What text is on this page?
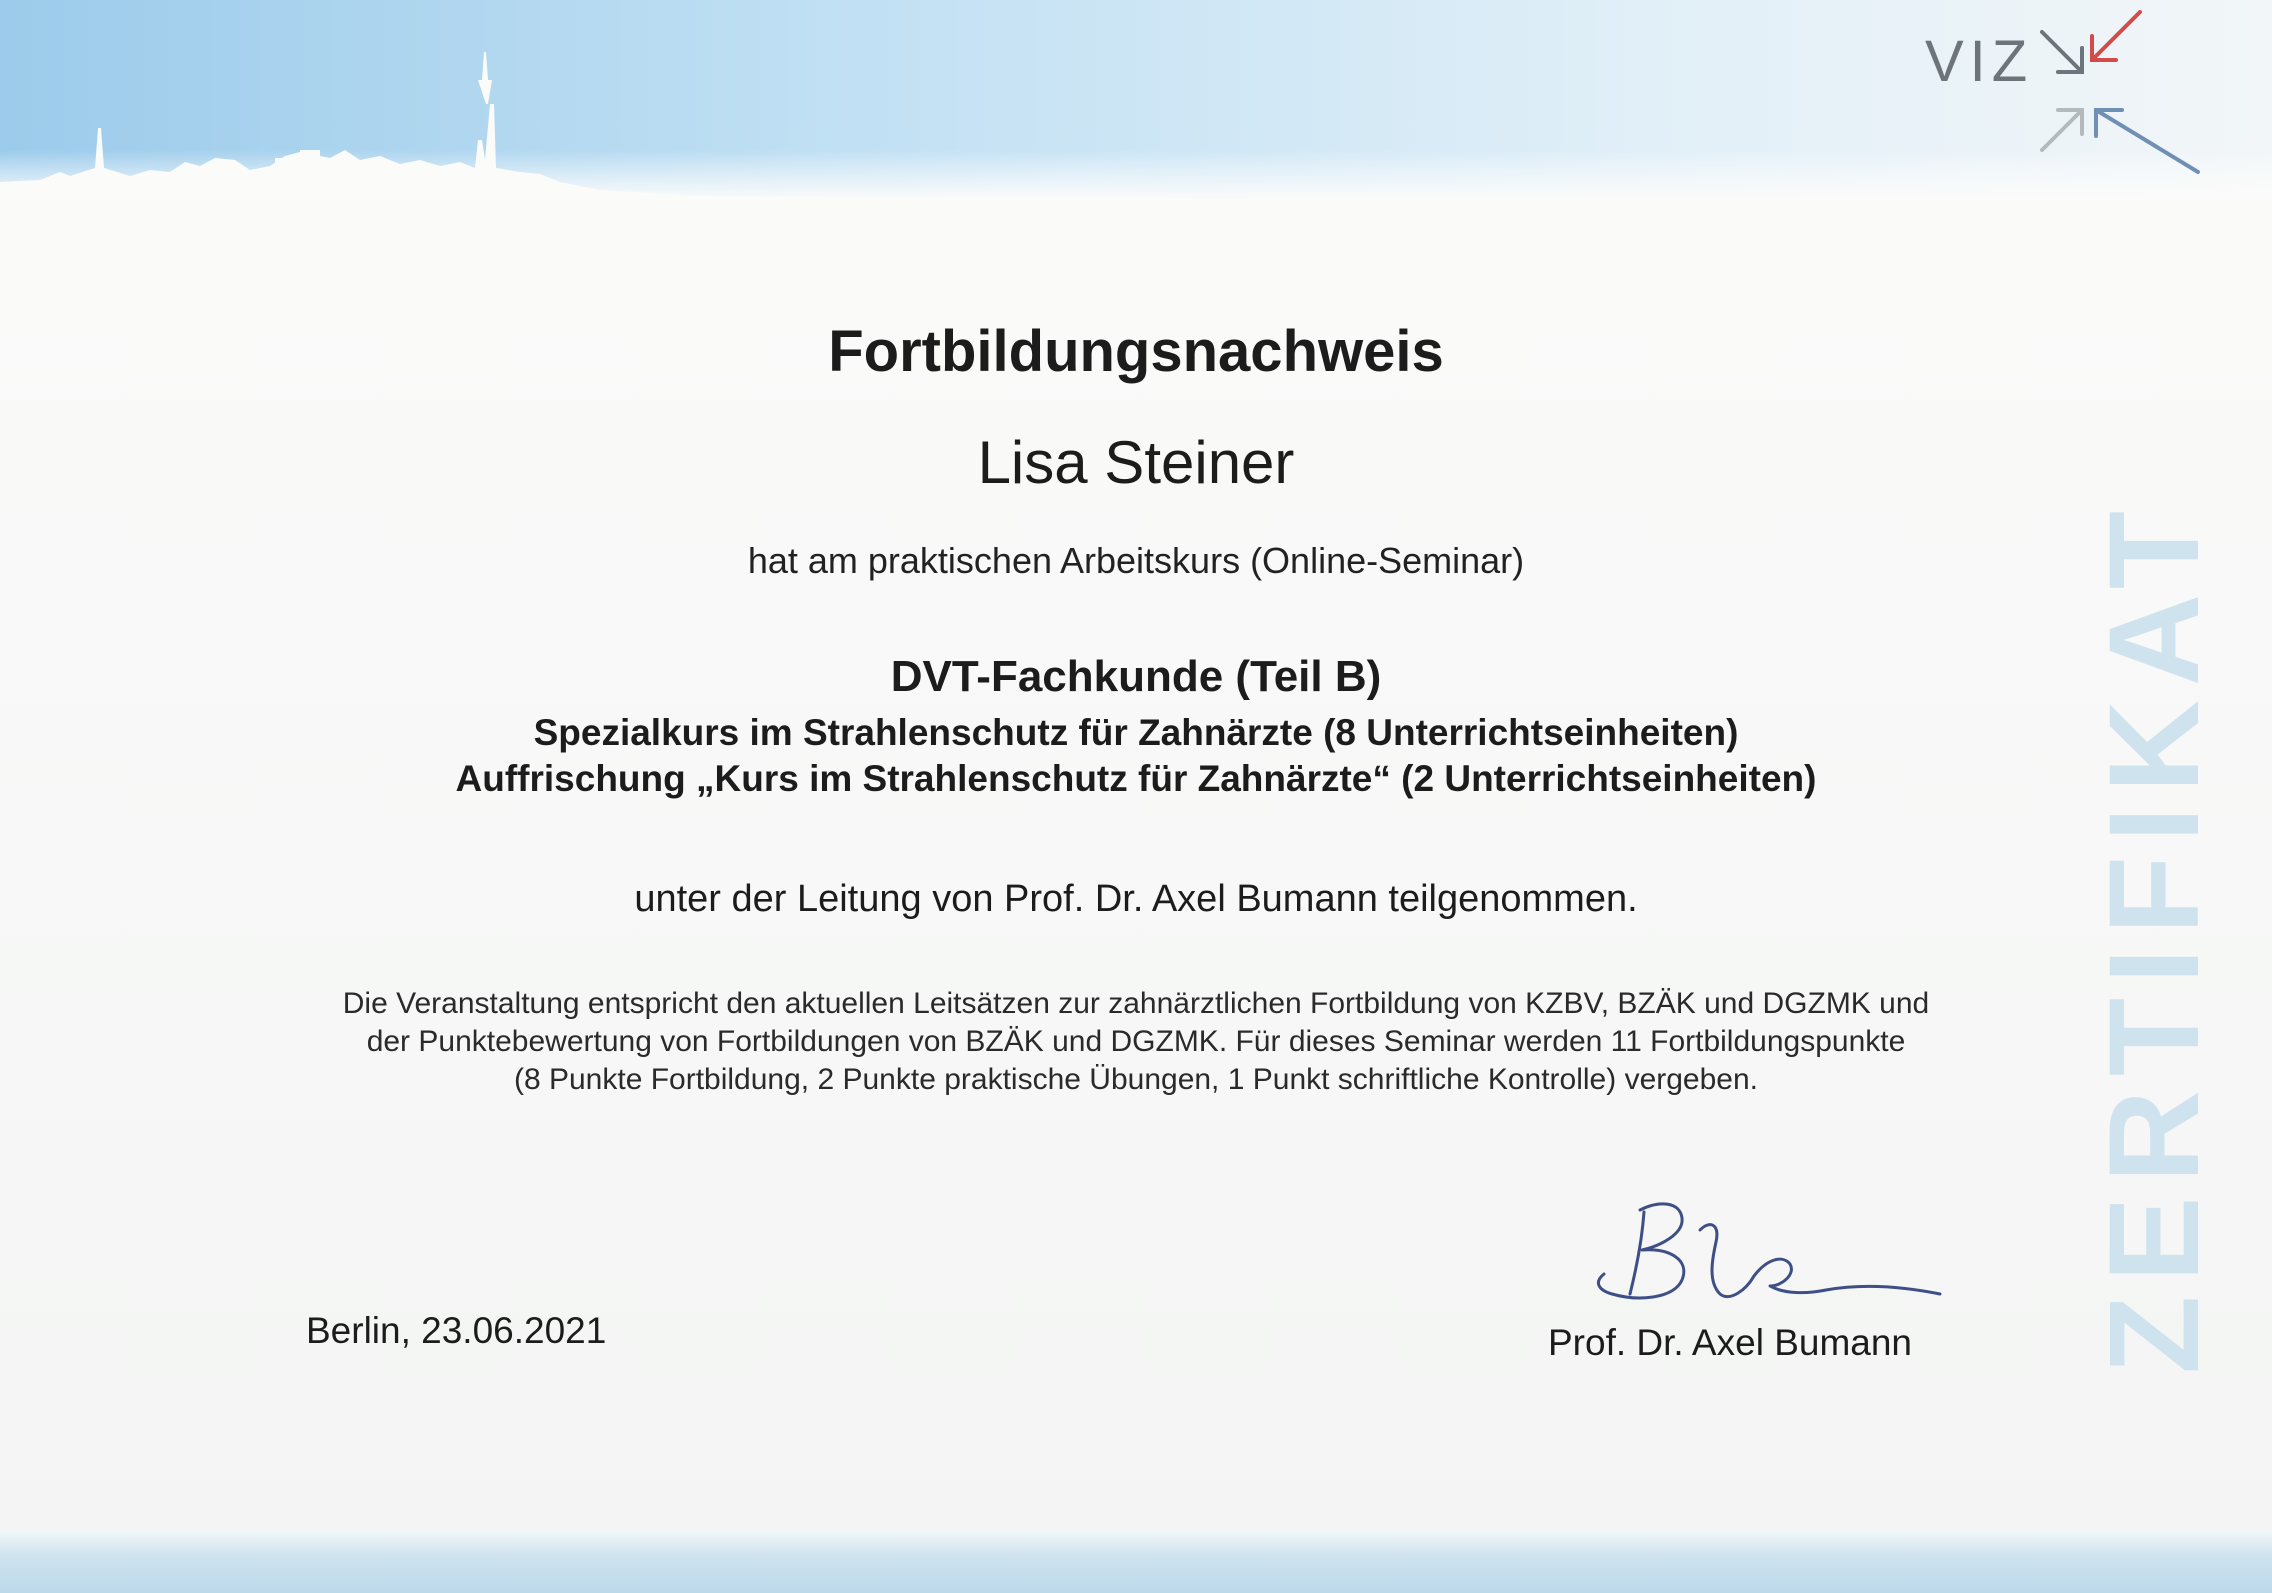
VIZ
ZERTIFIKAT
Fortbildungsnachweis
Lisa Steiner
hat am praktischen Arbeitskurs (Online-Seminar)
DVT-Fachkunde (Teil B)
Spezialkurs im Strahlenschutz für Zahnärzte (8 Unterrichtseinheiten)
Auffrischung „Kurs im Strahlenschutz für Zahnärzte“ (2 Unterrichtseinheiten)
unter der Leitung von Prof. Dr. Axel Bumann teilgenommen.
Die Veranstaltung entspricht den aktuellen Leitsätzen zur zahnärztlichen Fortbildung von KZBV, BZÄK und DGZMK und
der Punktebewertung von Fortbildungen von BZÄK und DGZMK. Für dieses Seminar werden 11 Fortbildungspunkte
(8 Punkte Fortbildung, 2 Punkte praktische Übungen, 1 Punkt schriftliche Kontrolle) vergeben.
Berlin, 23.06.2021	Prof. Dr. Axel Bumann
